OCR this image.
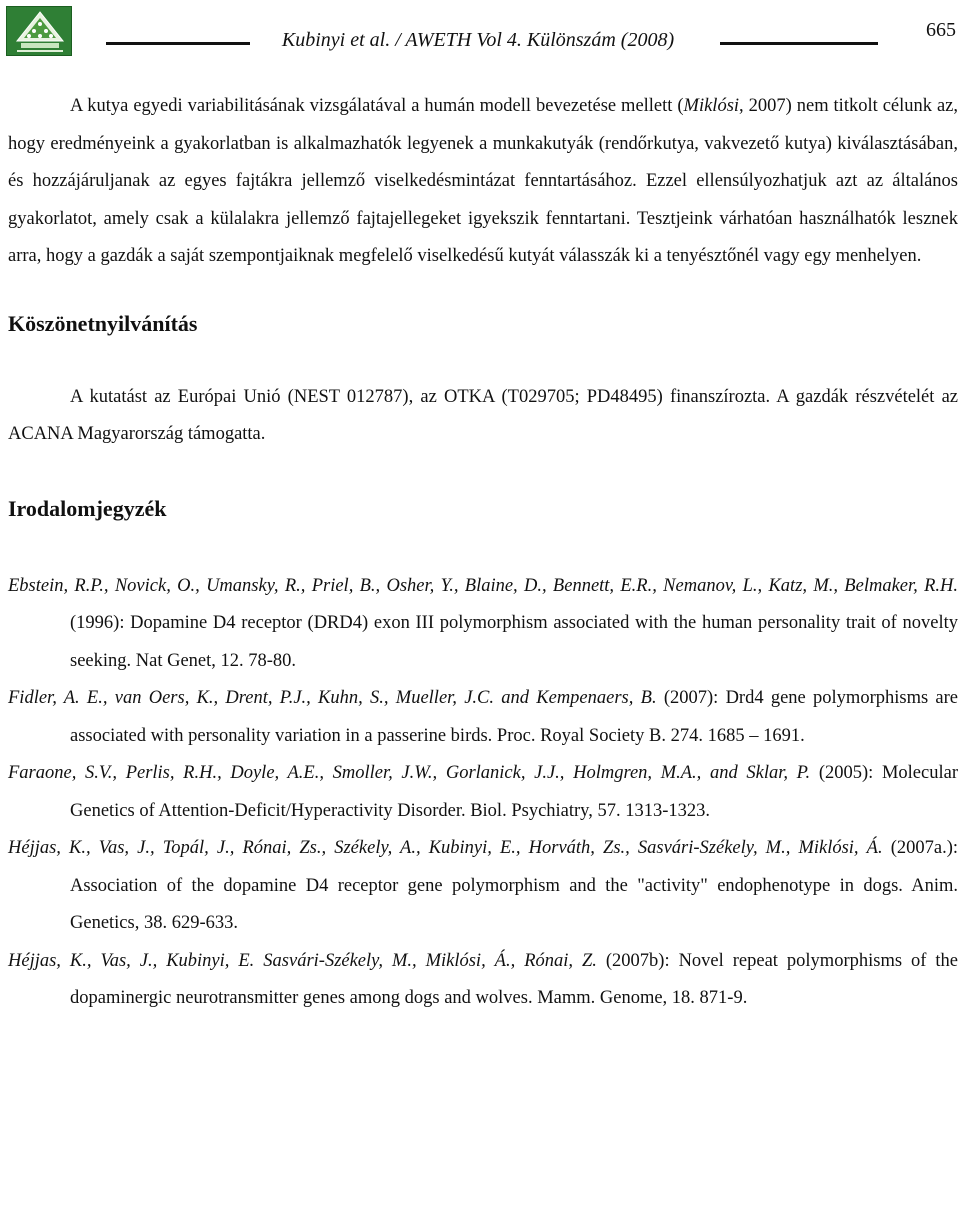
Kubinyi et al. / AWETH Vol 4. Különszám (2008)	665

A kutya egyedi variabilitásának vizsgálatával a humán modell bevezetése mellett (Miklósi, 2007) nem titkolt célunk az, hogy eredményeink a gyakorlatban is alkalmazhatók legyenek a munkakutyák (rendőrkutya, vakvezető kutya) kiválasztásában, és hozzájáruljanak az egyes fajtákra jellemző viselkedésmintázat fenntartásához. Ezzel ellensúlyozhatjuk azt az általános gyakorlatot, amely csak a külalakra jellemző fajtajellegeket igyekszik fenntartani. Tesztjeink várhatóan használhatók lesznek arra, hogy a gazdák a saját szempontjaiknak megfelelő viselkedésű kutyát válasszák ki a tenyésztőnél vagy egy menhelyen.

Köszönetnyilvánítás

A kutatást az Európai Unió (NEST 012787), az OTKA (T029705; PD48495) finanszírozta. A gazdák részvételét az ACANA Magyarország támogatta.

Irodalomjegyzék

Ebstein, R.P., Novick, O., Umansky, R., Priel, B., Osher, Y., Blaine, D., Bennett, E.R., Nemanov, L., Katz, M., Belmaker, R.H. (1996): Dopamine D4 receptor (DRD4) exon III polymorphism associated with the human personality trait of novelty seeking. Nat Genet, 12. 78-80.

Fidler, A. E., van Oers, K., Drent, P.J., Kuhn, S., Mueller, J.C. and Kempenaers, B. (2007): Drd4 gene polymorphisms are associated with personality variation in a passerine birds. Proc. Royal Society B. 274. 1685 – 1691.

Faraone, S.V., Perlis, R.H., Doyle, A.E., Smoller, J.W., Gorlanick, J.J., Holmgren, M.A., and Sklar, P. (2005): Molecular Genetics of Attention-Deficit/Hyperactivity Disorder. Biol. Psychiatry, 57. 1313-1323.

Héjjas, K., Vas, J., Topál, J., Rónai, Zs., Székely, A., Kubinyi, E., Horváth, Zs., Sasvári-Székely, M., Miklósi, Á. (2007a.): Association of the dopamine D4 receptor gene polymorphism and the "activity" endophenotype in dogs. Anim. Genetics, 38. 629-633.

Héjjas, K., Vas, J., Kubinyi, E. Sasvári-Székely, M., Miklósi, Á., Rónai, Z. (2007b): Novel repeat polymorphisms of the dopaminergic neurotransmitter genes among dogs and wolves. Mamm. Genome, 18. 871-9.
